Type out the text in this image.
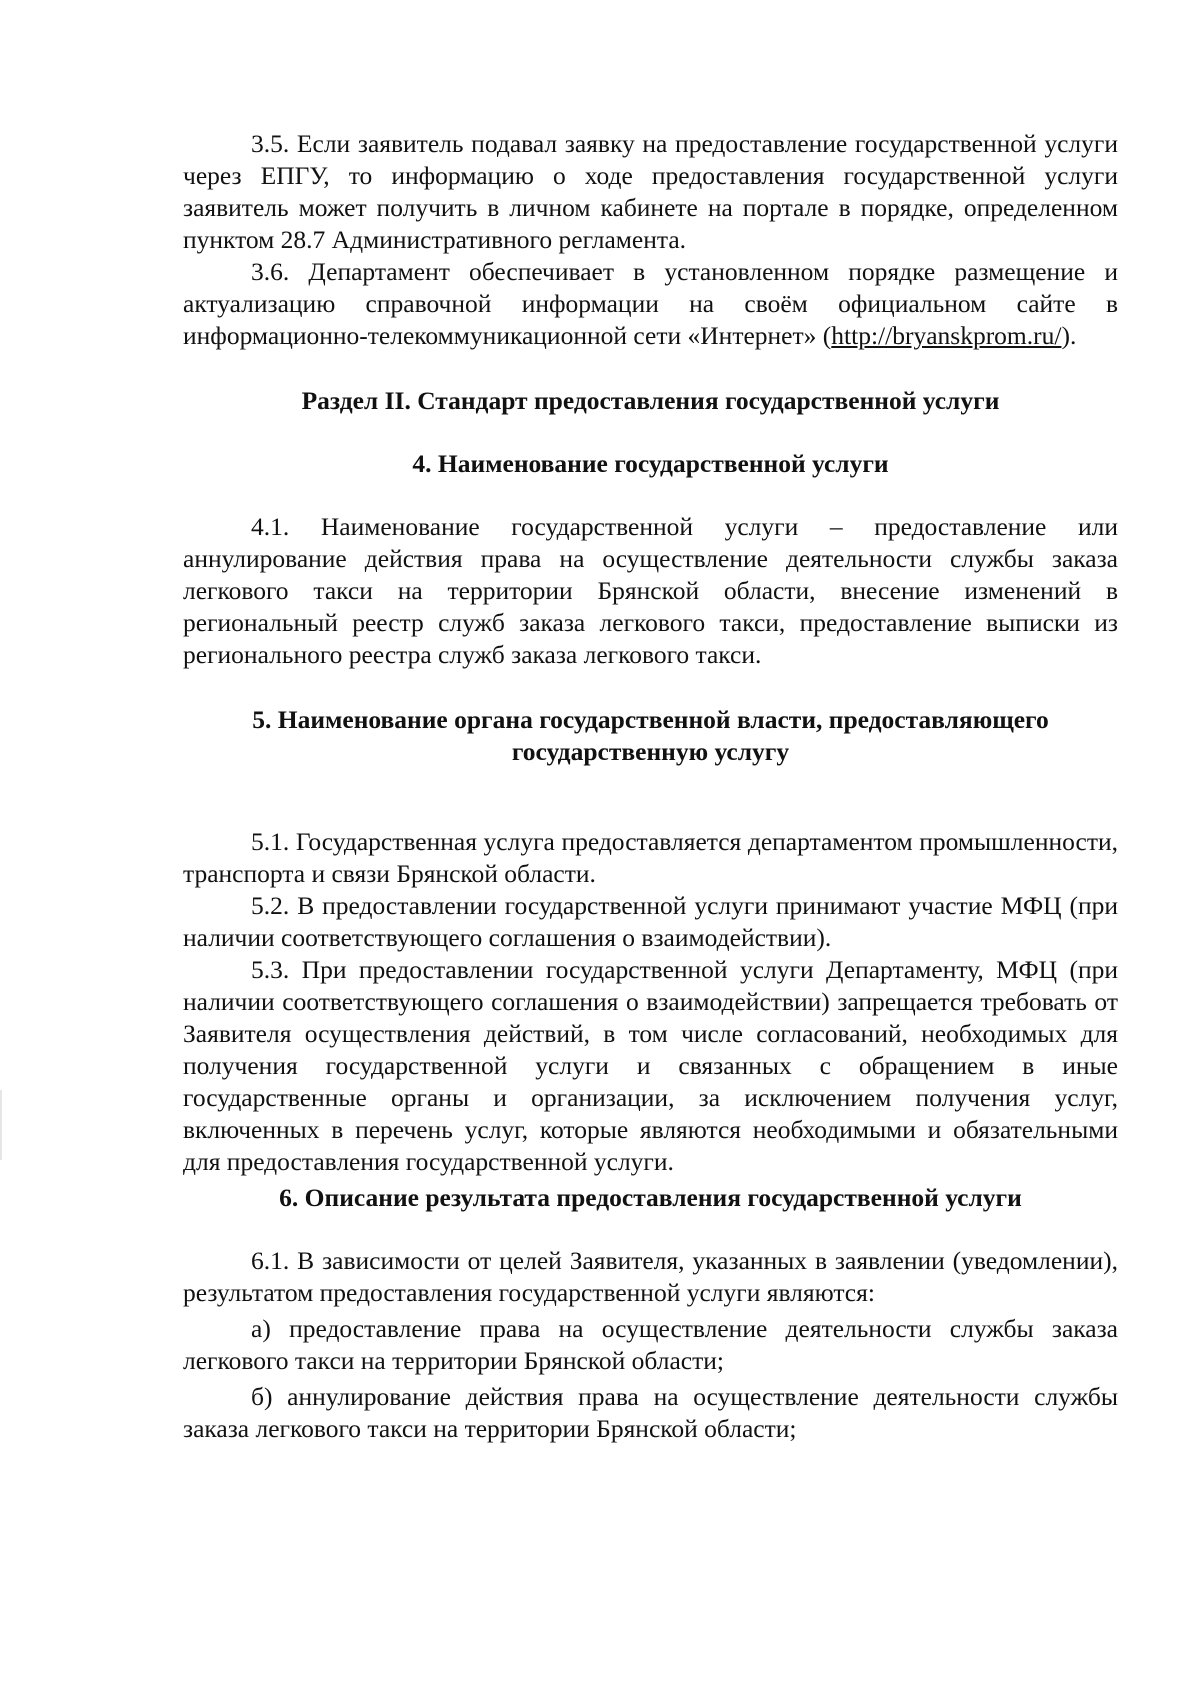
3.5. Если заявитель подавал заявку на предоставление государственной услуги через ЕПГУ, то информацию о ходе предоставления государственной услуги заявитель может получить в личном кабинете на портале в порядке, определенном пунктом 28.7 Административного регламента.

3.6. Департамент обеспечивает в установленном порядке размещение и актуализацию справочной информации на своём официальном сайте в информационно-телекоммуникационной сети «Интернет» (http://bryanskprom.ru/).

Раздел II. Стандарт предоставления государственной услуги
4. Наименование государственной услуги

4.1. Наименование государственной услуги – предоставление или аннулирование действия права на осуществление деятельности службы заказа легкового такси на территории Брянской области, внесение изменений в региональный реестр служб заказа легкового такси, предоставление выписки из регионального реестра служб заказа легкового такси.

5. Наименование органа государственной власти, предоставляющего
государственную услугу

5.1. Государственная услуга предоставляется департаментом промышленности, транспорта и связи Брянской области.

5.2. В предоставлении государственной услуги принимают участие МФЦ (при наличии соответствующего соглашения о взаимодействии).

5.3. При предоставлении государственной услуги Департаменту, МФЦ (при наличии соответствующего соглашения о взаимодействии) запрещается требовать от Заявителя осуществления действий, в том числе согласований, необходимых для получения государственной услуги и связанных с обращением в иные государственные органы и организации, за исключением получения услуг, включенных в перечень услуг, которые являются необходимыми и обязательными для предоставления государственной услуги.

6. Описание результата предоставления государственной услуги

6.1. В зависимости от целей Заявителя, указанных в заявлении (уведомлении), результатом предоставления государственной услуги являются:

а) предоставление права на осуществление деятельности службы заказа легкового такси на территории Брянской области;

б) аннулирование действия права на осуществление деятельности службы заказа легкового такси на территории Брянской области;
